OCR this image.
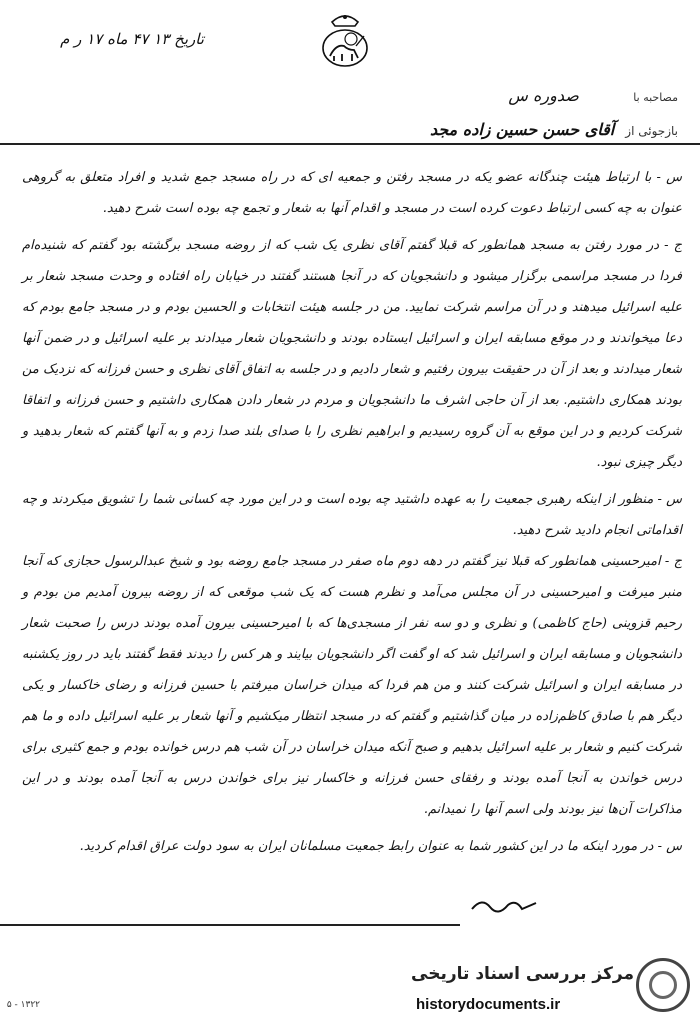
تاریخ ۱۳ ۴۷ ماه ۱۷ ر م
مصاحبه با صدوره س
بازجوئی از آقای حسن حسین زاده مجد

س - با ارتباط هیئت چندگانه عضو یکه در مسجد رفتن و جمعیه ای که در راه مسجد جمع شدید و افراد متعلق به گروهی عنوان به چه کسی ارتباط دعوت کرده است در مسجد و اقدام آنها به شعار و تجمع چه بوده است شرح دهید.

ج - در مورد رفتن به مسجد همانطور که قبلا گفتم آقای نظری یک شب که از روضه مسجد برگشته بود گفتم که شنیده‌ام فردا در مسجد مراسمی برگزار میشود و دانشجویان که در آنجا هستند گفتند در خیابان راه افتاده و وحدت مسجد شعار بر علیه اسرائیل میدهند و در آن مراسم شرکت نمایید. من در جلسه هیئت انتخابات و الحسین بودم و در مسجد جامع بودم که دعا میخواندند و در موقع مسابقه ایران و اسرائیل ایستاده بودند و دانشجویان شعار میدادند بر علیه اسرائیل و در ضمن آنها شعار میدادند و بعد از آن در حقیقت بیرون رفتیم و شعار دادیم و در جلسه به اتفاق آقای نظری و حسن فرزانه که نزدیک من بودند همکاری داشتیم. بعد از آن حاجی اشرف ما دانشجویان و مردم در شعار دادن همکاری داشتیم و حسن فرزانه و اتفاقا شرکت کردیم و در این موقع به آن گروه رسیدیم و ابراهیم نظری را با صدای بلند صدا زدم و به آنها گفتم که شعار بدهید و دیگر چیزی نبود.

س - منظور از اینکه رهبری جمعیت را به عهده داشتید چه بوده است و در این مورد چه کسانی شما را تشویق میکردند و چه اقداماتی انجام دادید شرح دهید.

ج - امیرحسینی همانطور که قبلا نیز گفتم در دهه دوم ماه صفر در مسجد جامع روضه بود و شیخ عبدالرسول حجازی که آنجا منبر میرفت و امیرحسینی در آن مجلس می‌آمد و نظرم هست که یک شب موقعی که از روضه بیرون آمدیم من بودم و رحیم قزوینی (حاج کاظمی) و نظری و دو سه نفر از مسجدی‌ها که با امیرحسینی بیرون آمده بودند درس را صحبت شعار دانشجویان و مسابقه ایران و اسرائیل شد که او گفت اگر دانشجویان بیایند و هر کس را دیدند فقط گفتند باید در روز یکشنبه در مسابقه ایران و اسرائیل شرکت کنند و من هم فردا که میدان خراسان میرفتم با حسین فرزانه و رضای خاکسار و یکی دیگر هم با صادق کاظم‌زاده در میان گذاشتیم و گفتم که در مسجد انتظار میکشیم و آنها شعار بر علیه اسرائیل داده و ما هم شرکت کنیم و شعار بر علیه اسرائیل بدهیم و صبح آنکه میدان خراسان در آن شب هم درس خوانده بودم و جمع کثیری برای درس خواندن به آنجا آمده بودند و رفقای حسن فرزانه و خاکسار نیز برای خواندن درس به آنجا آمده بودند و در این مذاکرات آن‌ها نیز بودند ولی اسم آنها را نمیدانم.

س - در مورد اینکه ما در این کشور شما به عنوان رابط جمعیت مسلمانان ایران به سود دولت عراق اقدام کردید.

۱۳۲۲ - ۵
مرکز بررسی اسناد تاریخی
historydocuments.ir
